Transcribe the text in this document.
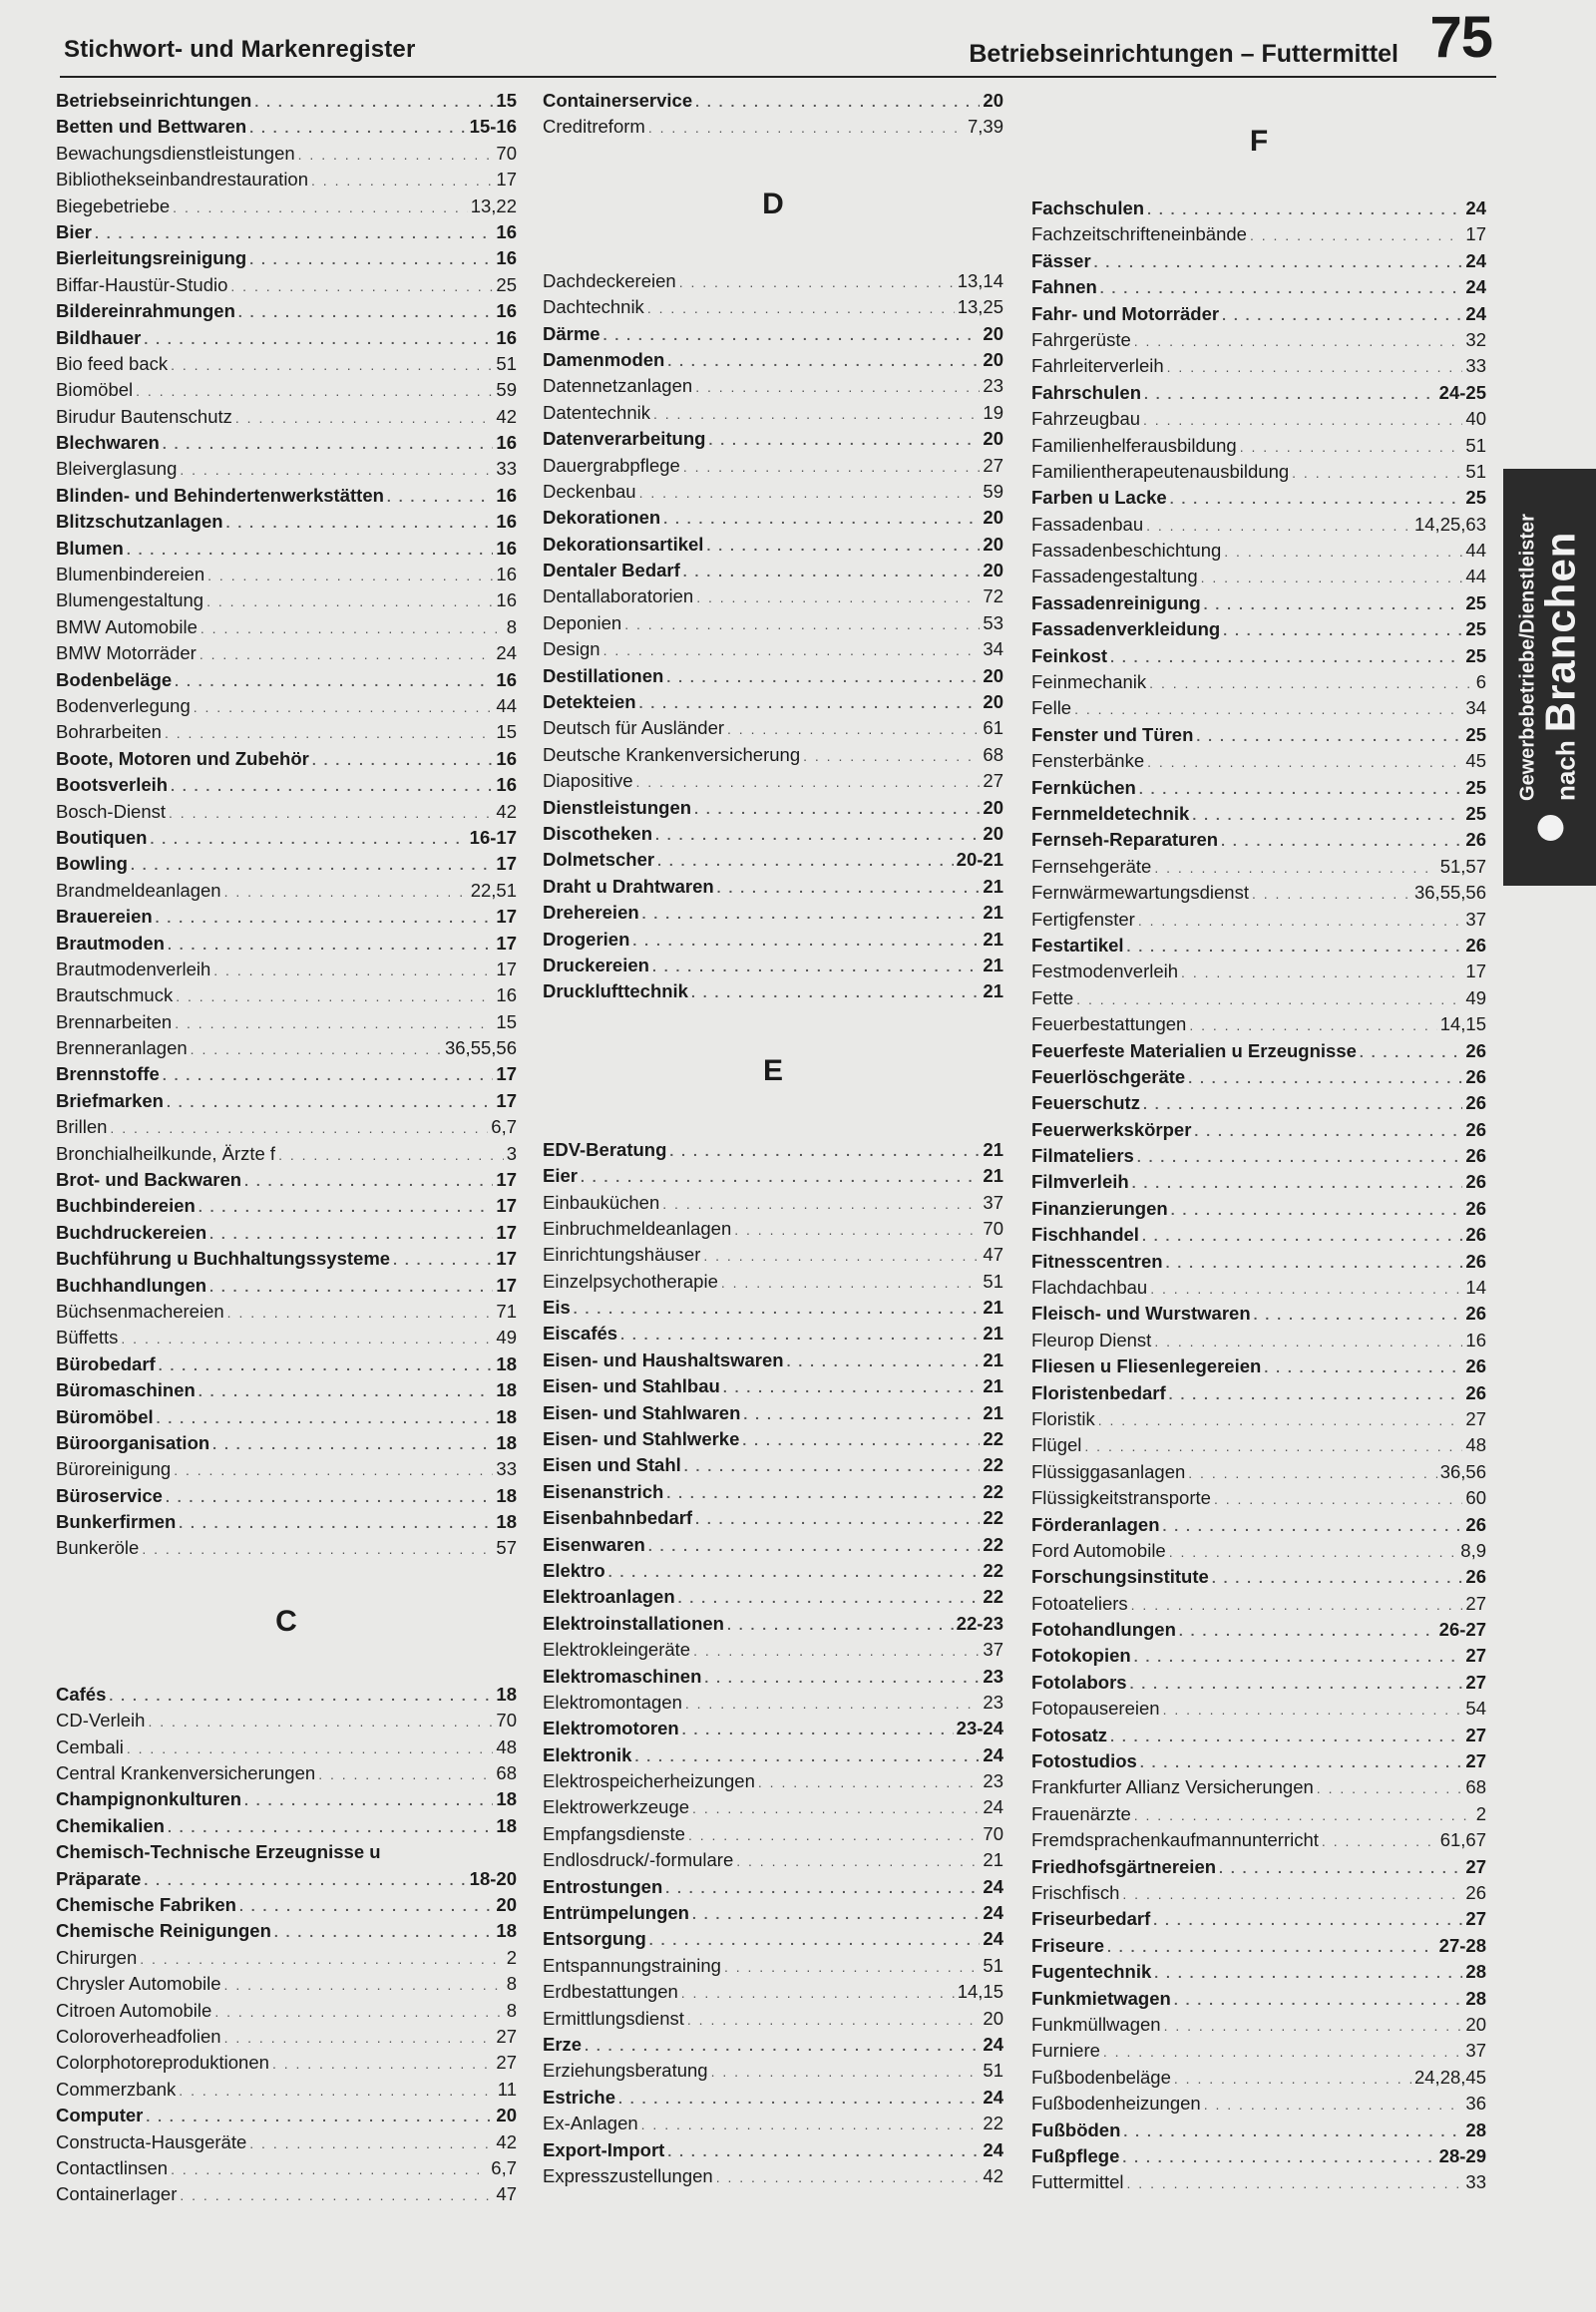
Stichwort- und Markenregister	Betriebseinrichtungen – Futtermittel 75
Betriebseinrichtungen . . .	15
Betten und Bettwaren . . .	15-16
Bewachungsdienstleistungen . . .	70
Bibliothekseinbandrestauration . . .	17
Biegebetriebe . . .	13,22
Bier . . .	16
Bierleitungsreinigung . . .	16
Biffar-Haustür-Studio . . .	25
Bildereinrahmungen . . .	16
Bildhauer . . .	16
Bio feed back . . .	51
Biomöbel . . .	59
Birudur Bautenschutz . . .	42
Blechwaren . . .	16
Bleiverglasung . . .	33
Blinden- und Behindertenwerkstätten . . .	16
Blitzschutzanlagen . . .	16
Blumen . . .	16
Blumenbindereien . . .	16
Blumengestaltung . . .	16
BMW Automobile . . .	8
BMW Motorräder . . .	24
Bodenbeläge . . .	16
Bodenverlegung . . .	44
Bohrarbeiten . . .	15
Boote, Motoren und Zubehör . . .	16
Bootsverleih . . .	16
Bosch-Dienst . . .	42
Boutiquen . . .	16-17
Bowling . . .	17
Brandmeldeanlagen . . .	22,51
Brauereien . . .	17
Brautmoden . . .	17
Brautmodenverleih . . .	17
Brautschmuck . . .	16
Brennarbeiten . . .	15
Brenneranlagen . . .	36,55,56
Brennstoffe . . .	17
Briefmarken . . .	17
Brillen . . .	6,7
Bronchialheilkunde, Ärzte f . . .	3
Brot- und Backwaren . . .	17
Buchbindereien . . .	17
Buchdruckereien . . .	17
Buchführung u Buchhaltungssysteme . . .	17
Buchhandlungen . . .	17
Büchsenmachereien . . .	71
Büffetts . . .	49
Bürobedarf . . .	18
Büromaschinen . . .	18
Büromöbel . . .	18
Büroorganisation . . .	18
Büroreinigung . . .	33
Büroservice . . .	18
Bunkerfirmen . . .	18
Bunkeröle . . .	57
C
Cafés . . .	18
CD-Verleih . . .	70
Cembali . . .	48
Central Krankenversicherungen . . .	68
Champignonkulturen . . .	18
Chemikalien . . .	18
Chemisch-Technische Erzeugnisse u
Präparate . . .	18-20
Chemische Fabriken . . .	20
Chemische Reinigungen . . .	18
Chirurgen . . .	2
Chrysler Automobile . . .	8
Citroen Automobile . . .	8
Coloroverheadfolien . . .	27
Colorphotoreproduktionen . . .	27
Commerzbank . . .	11
Computer . . .	20
Constructa-Hausgeräte . . .	42
Contactlinsen . . .	6,7
Containerlager . . .	47
Containerservice . . .	20
Creditreform . . .	7,39
D
Dachdeckereien . . .	13,14
Dachtechnik . . .	13,25
Därme . . .	20
Damenmoden . . .	20
Datennetzanlagen . . .	23
Datentechnik . . .	19
Datenverarbeitung . . .	20
Dauergrabpflege . . .	27
Deckenbau . . .	59
Dekorationen . . .	20
Dekorationsartikel . . .	20
Dentaler Bedarf . . .	20
Dentallaboratorien . . .	72
Deponien . . .	53
Design . . .	34
Destillationen . . .	20
Detekteien . . .	20
Deutsch für Ausländer . . .	61
Deutsche Krankenversicherung . . .	68
Diapositive . . .	27
Dienstleistungen . . .	20
Discotheken . . .	20
Dolmetscher . . .	20-21
Draht u Drahtwaren . . .	21
Drehereien . . .	21
Drogerien . . .	21
Druckereien . . .	21
Drucklufttechnik . . .	21
E
EDV-Beratung . . .	21
Eier . . .	21
Einbauküchen . . .	37
Einbruchmeldeanlagen . . .	70
Einrichtungshäuser . . .	47
Einzelpsychotherapie . . .	51
Eis . . .	21
Eiscafés . . .	21
Eisen- und Haushaltswaren . . .	21
Eisen- und Stahlbau . . .	21
Eisen- und Stahlwaren . . .	21
Eisen- und Stahlwerke . . .	22
Eisen und Stahl . . .	22
Eisenanstrich . . .	22
Eisenbahnbedarf . . .	22
Eisenwaren . . .	22
Elektro . . .	22
Elektroanlagen . . .	22
Elektroinstallationen . . .	22-23
Elektrokleingeräte . . .	37
Elektromaschinen . . .	23
Elektromontagen . . .	23
Elektromotoren . . .	23-24
Elektronik . . .	24
Elektrospeicherheizungen . . .	23
Elektrowerkzeuge . . .	24
Empfangsdienste . . .	70
Endlosdruck/-formulare . . .	21
Entrostungen . . .	24
Entrümpelungen . . .	24
Entsorgung . . .	24
Entspannungstraining . . .	51
Erdbestattungen . . .	14,15
Ermittlungsdienst . . .	20
Erze . . .	24
Erziehungsberatung . . .	51
Estriche . . .	24
Ex-Anlagen . . .	22
Export-Import . . .	24
Expresszustellungen . . .	42
F
Fachschulen . . .	24
Fachzeitschrifteneinbände . . .	17
Fässer . . .	24
Fahnen . . .	24
Fahr- und Motorräder . . .	24
Fahrgerüste . . .	32
Fahrleiterverleih . . .	33
Fahrschulen . . .	24-25
Fahrzeugbau . . .	40
Familienhelferausbildung . . .	51
Familientherapeutenausbildung . . .	51
Farben u Lacke . . .	25
Fassadenbau . . .	14,25,63
Fassadenbeschichtung . . .	44
Fassadengestaltung . . .	44
Fassadenreinigung . . .	25
Fassadenverkleidung . . .	25
Feinkost . . .	25
Feinmechanik . . .	6
Felle . . .	34
Fenster und Türen . . .	25
Fensterbänke . . .	45
Fernküchen . . .	25
Fernmeldetechnik . . .	25
Fernseh-Reparaturen . . .	26
Fernsehgeräte . . .	51,57
Fernwärmewartungsdienst . . .	36,55,56
Fertigfenster . . .	37
Festartikel . . .	26
Festmodenverleih . . .	17
Fette . . .	49
Feuerbestattungen . . .	14,15
Feuerfeste Materialien u Erzeugnisse . . .	26
Feuerlöschgeräte . . .	26
Feuerschutz . . .	26
Feuerwerkskörper . . .	26
Filmateliers . . .	26
Filmverleih . . .	26
Finanzierungen . . .	26
Fischhandel . . .	26
Fitnesscentren . . .	26
Flachdachbau . . .	14
Fleisch- und Wurstwaren . . .	26
Fleurop Dienst . . .	16
Fliesen u Fliesenlegereien . . .	26
Floristenbedarf . . .	26
Floristik . . .	27
Flügel . . .	48
Flüssiggasanlagen . . .	36,56
Flüssigkeitstransporte . . .	60
Förderanlagen . . .	26
Ford Automobile . . .	8,9
Forschungsinstitute . . .	26
Fotoateliers . . .	27
Fotohandlungen . . .	26-27
Fotokopien . . .	27
Fotolabors . . .	27
Fotopausereien . . .	54
Fotosatz . . .	27
Fotostudios . . .	27
Frankfurter Allianz Versicherungen . . .	68
Frauenärzte . . .	2
Fremdsprachenkaufmannunterricht . . .	61,67
Friedhofsgärtnereien . . .	27
Frischfisch . . .	26
Friseurbedarf . . .	27
Friseure . . .	27-28
Fugentechnik . . .	28
Funkmietwagen . . .	28
Funkmüllwagen . . .	20
Furniere . . .	37
Fußbodenbeläge . . .	24,28,45
Fußbodenheizungen . . .	36
Fußböden . . .	28
Fußpflege . . .	28-29
Futtermittel . . .	33
Gewerbebetriebe/Dienstleister nachBranchen
